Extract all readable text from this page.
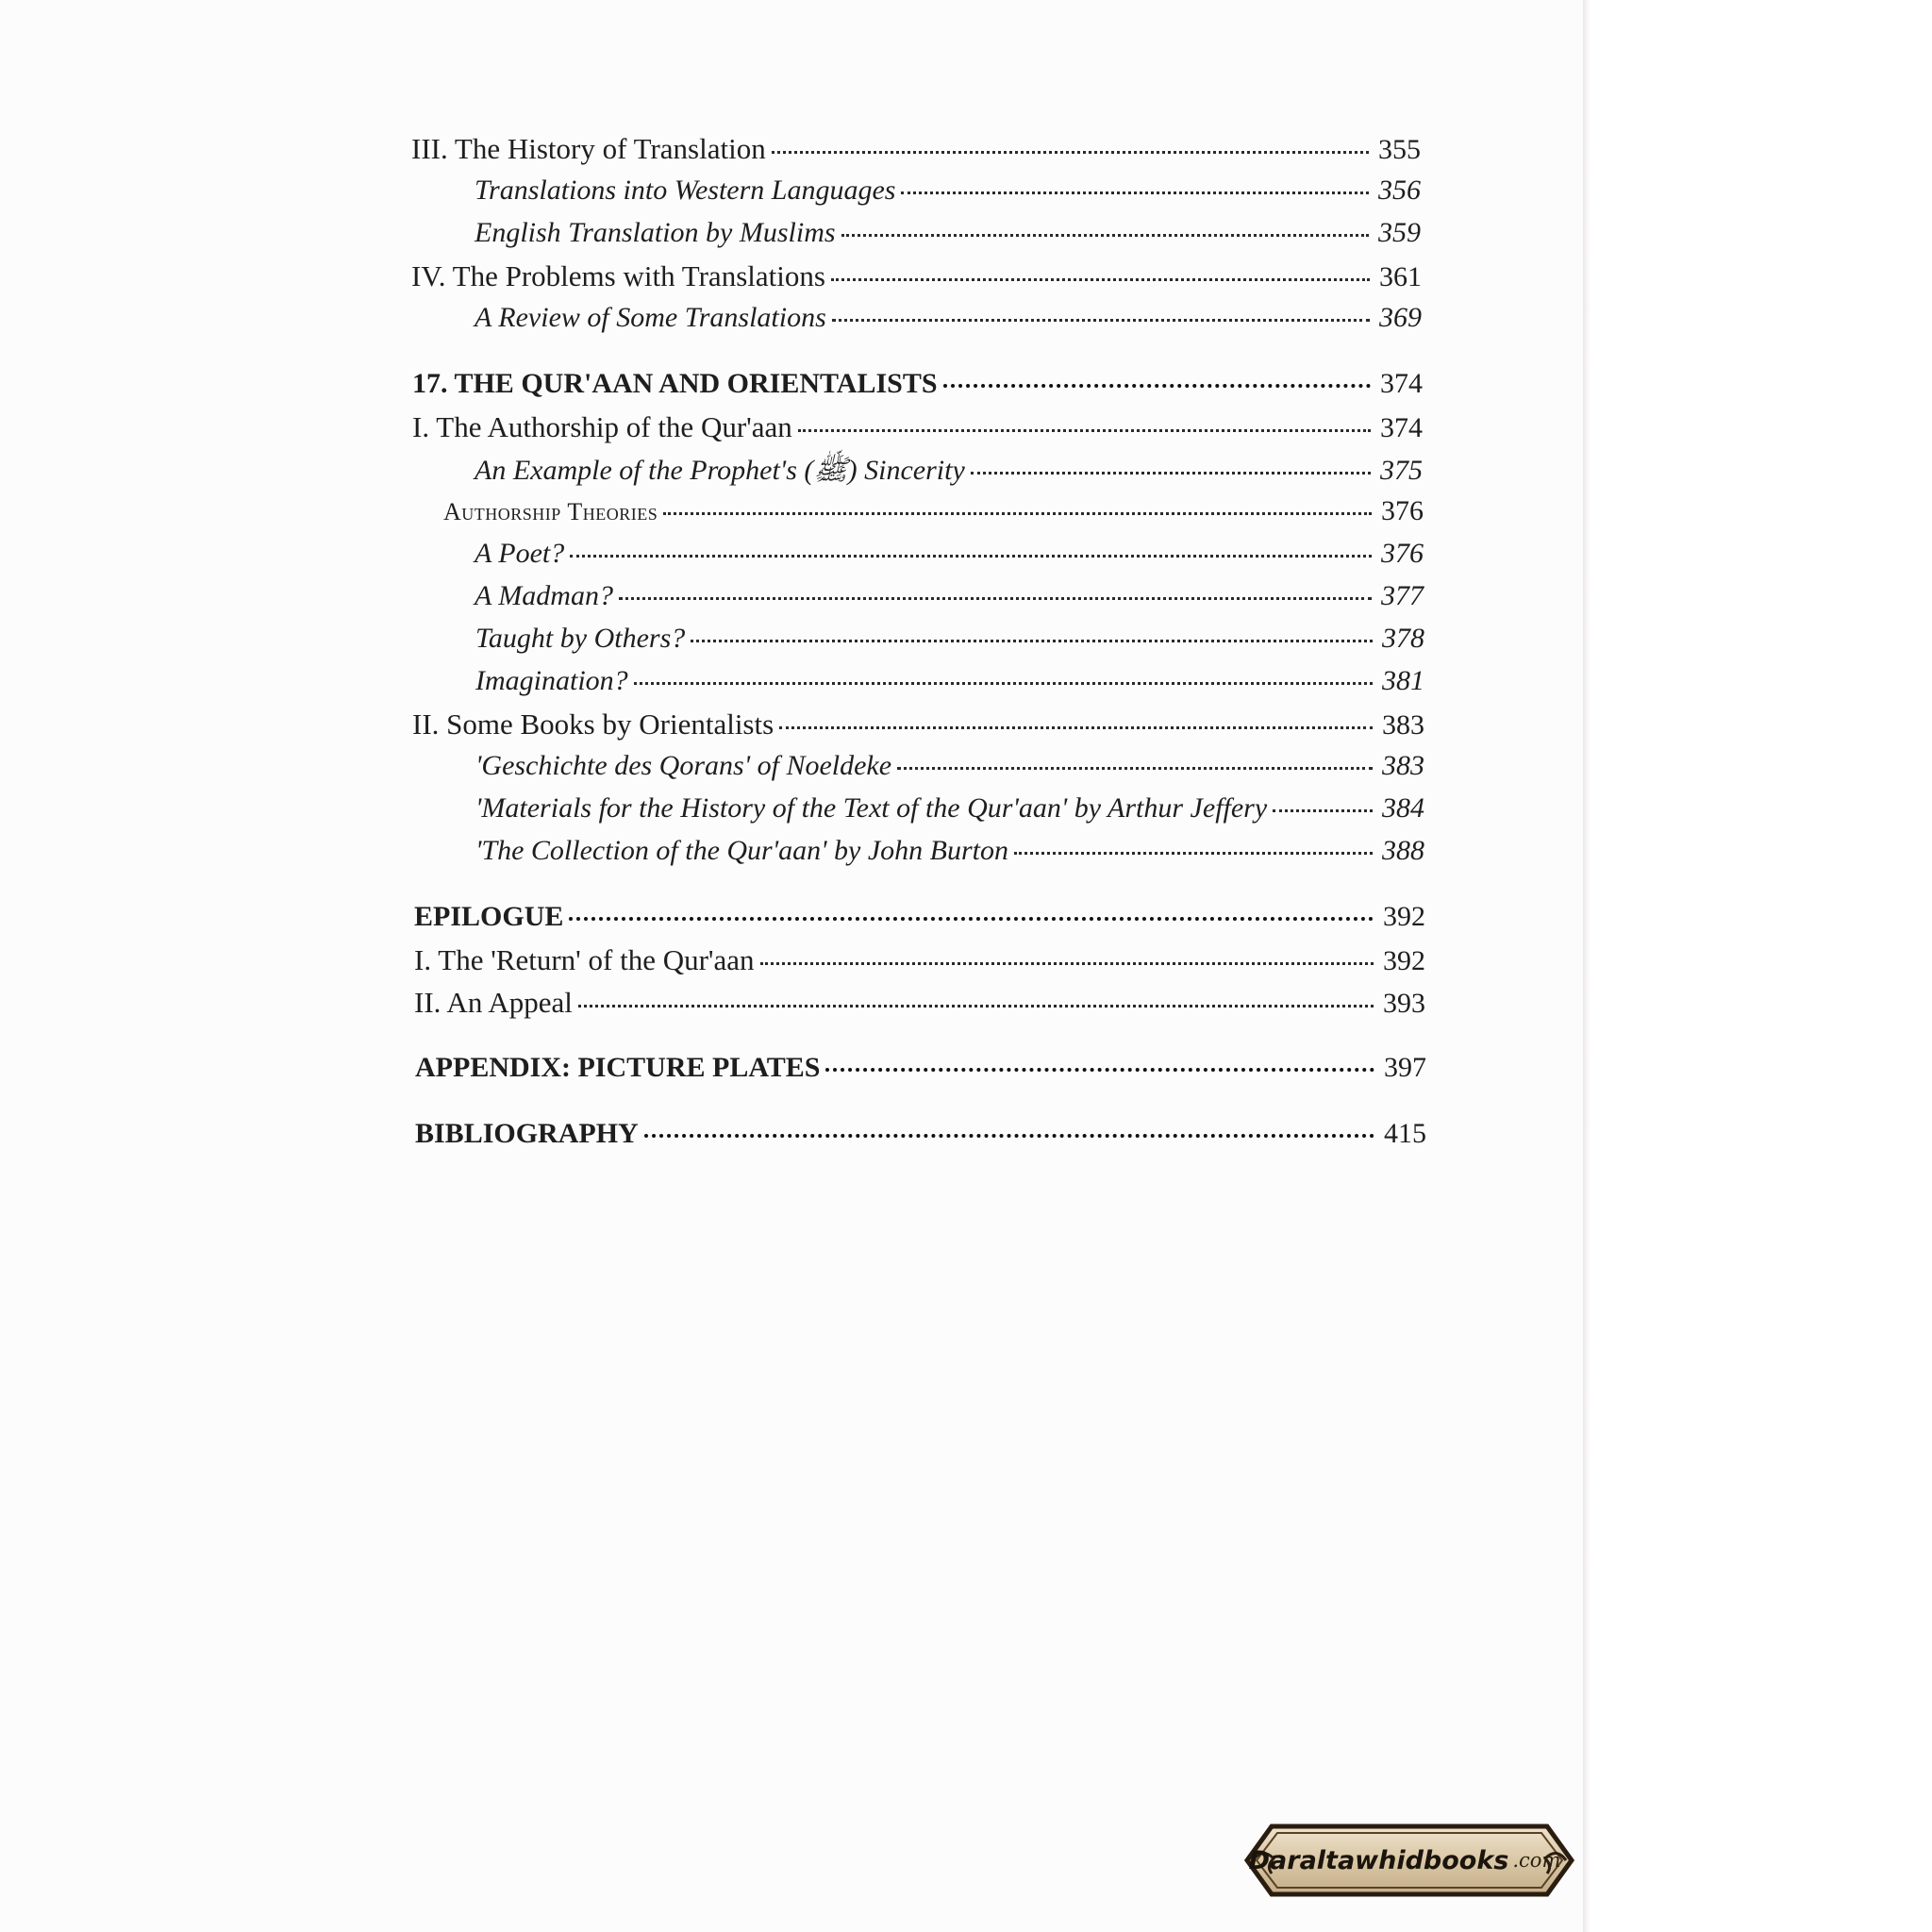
III. The History of Translation	355
Translations into Western Languages	356
English Translation by Muslims	359
IV. The Problems with Translations	361
A Review of Some Translations	369
17. THE QUR'AAN AND ORIENTALISTS	374
I. The Authorship of the Qur'aan	374
An Example of the Prophet's (ﷺ) Sincerity	375
Authorship Theories	376
A Poet?	376
A Madman?	377
Taught by Others?	378
Imagination?	381
II. Some Books by Orientalists	383
'Geschichte des Qorans' of Noeldeke	383
'Materials for the History of the Text of the Qur'aan' by Arthur Jeffery	384
'The Collection of the Qur'aan' by John Burton	388
EPILOGUE	392
I. The 'Return' of the Qur'aan	392
II. An Appeal	393
APPENDIX: PICTURE PLATES	397
BIBLIOGRAPHY	415
Daraltawhidbooks .com
